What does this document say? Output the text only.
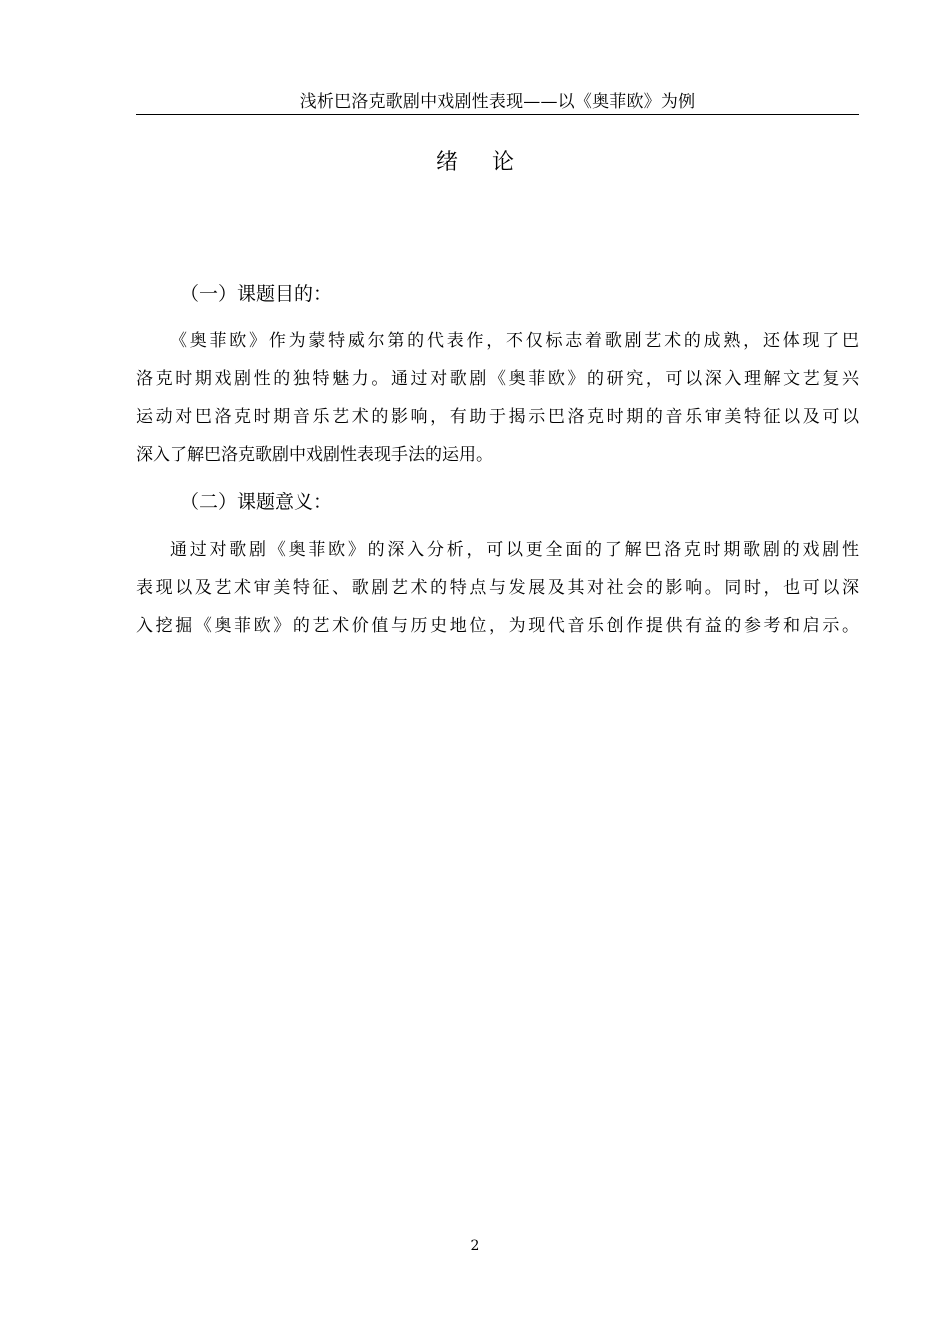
浅析巴洛克歌剧中戏剧性表现——以《奥菲欧》为例
绪论
（一）课题目的：
《奥菲欧》作为蒙特威尔第的代表作，不仅标志着歌剧艺术的成熟，还体现了巴
洛克时期戏剧性的独特魅力。通过对歌剧《奥菲欧》的研究，可以深入理解文艺复兴
运动对巴洛克时期音乐艺术的影响，有助于揭示巴洛克时期的音乐审美特征以及可以
深入了解巴洛克歌剧中戏剧性表现手法的运用。
（二）课题意义：
通过对歌剧《奥菲欧》的深入分析，可以更全面的了解巴洛克时期歌剧的戏剧性
表现以及艺术审美特征、歌剧艺术的特点与发展及其对社会的影响。同时，也可以深
入挖掘《奥菲欧》的艺术价值与历史地位，为现代音乐创作提供有益的参考和启示。
2
